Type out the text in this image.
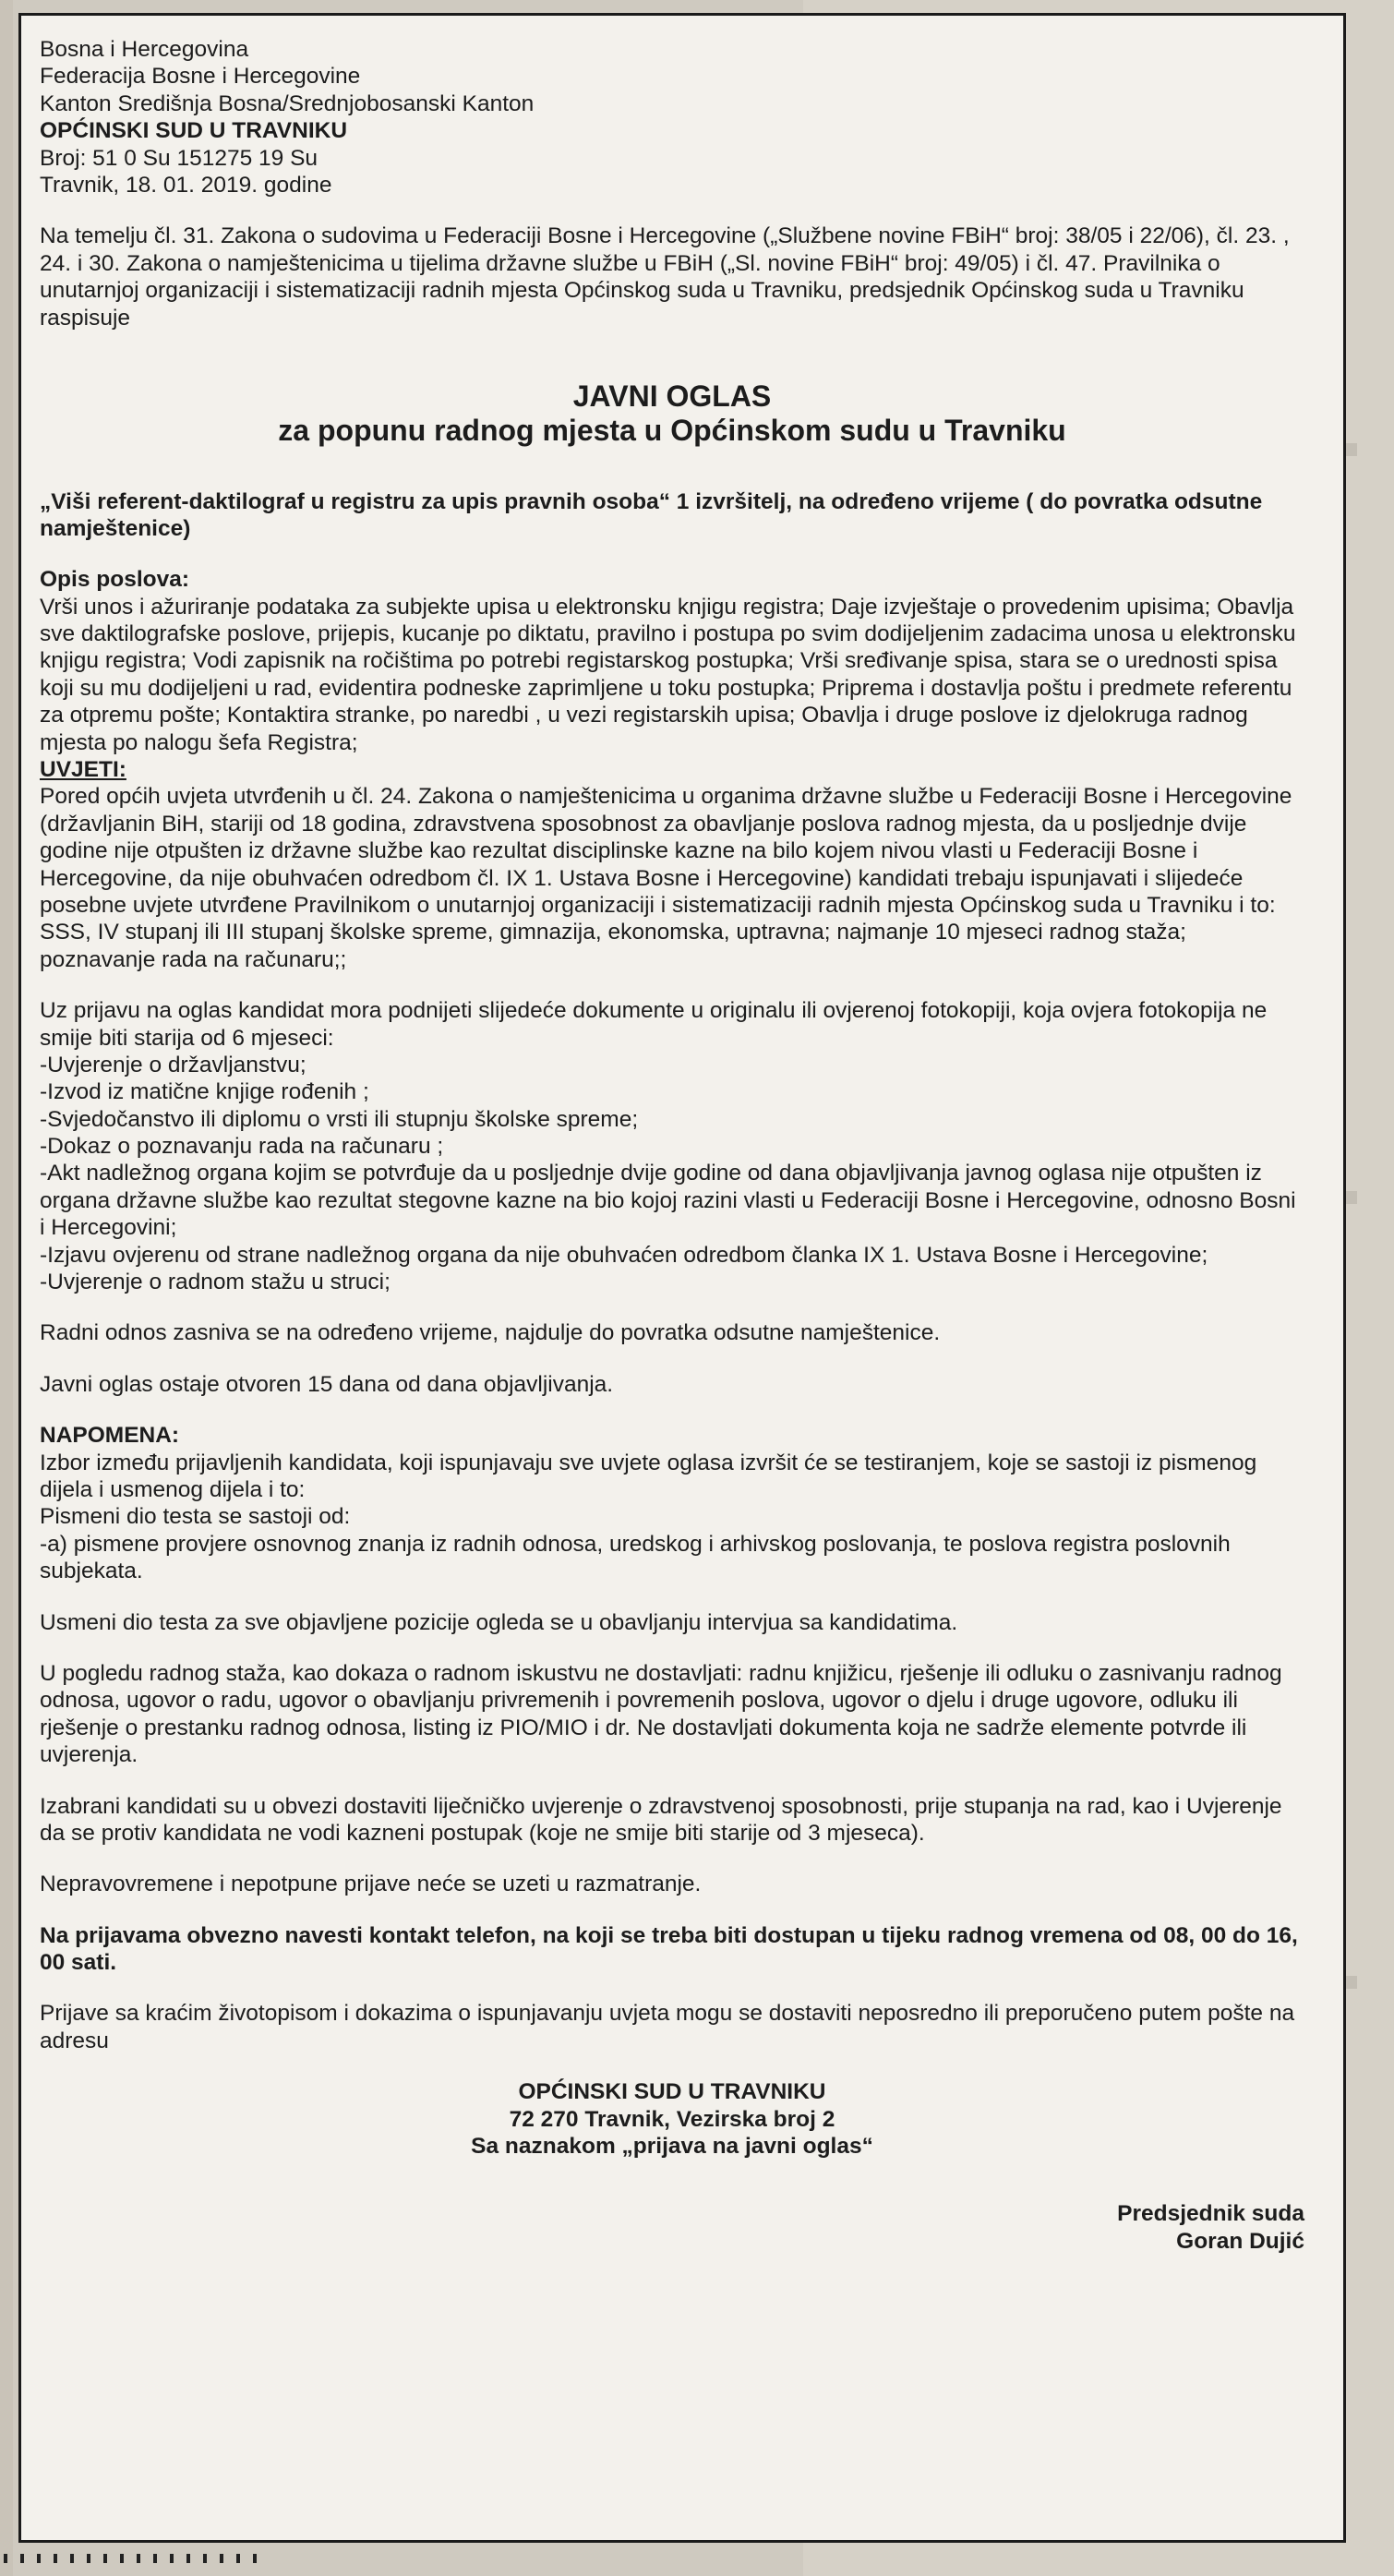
Bosna i Hercegovina
Federacija Bosne i Hercegovine
Kanton Središnja Bosna/Srednjobosanski Kanton
OPĆINSKI SUD U TRAVNIKU
Broj: 51 0 Su 151275 19 Su
Travnik, 18. 01. 2019. godine

Na temelju čl. 31. Zakona o sudovima u Federaciji Bosne i Hercegovine („Službene novine FBiH“ broj: 38/05 i 22/06), čl. 23. , 24. i 30. Zakona o namještenicima u tijelima državne službe u FBiH („Sl. novine FBiH“ broj: 49/05) i čl. 47. Pravilnika o unutarnjoj organizaciji i sistematizaciji radnih mjesta Općinskog suda u Travniku, predsjednik Općinskog suda u Travniku raspisuje

JAVNI OGLAS
za popunu radnog mjesta u Općinskom sudu u Travniku

„Viši referent-daktilograf u registru za upis pravnih osoba“ 1 izvršitelj, na određeno vrijeme ( do povratka odsutne namještenice)

Opis poslova:

Vrši unos i ažuriranje podataka za subjekte upisa u elektronsku knjigu registra; Daje izvještaje o provedenim upisima; Obavlja sve daktilografske poslove, prijepis, kucanje po diktatu, pravilno i postupa po svim dodijeljenim zadacima unosa u elektronsku knjigu registra; Vodi zapisnik na ročištima po potrebi registarskog postupka; Vrši sređivanje spisa, stara se o urednosti spisa koji su mu dodijeljeni u rad, evidentira podneske zaprimljene u toku postupka; Priprema i dostavlja poštu i predmete referentu za otpremu pošte; Kontaktira stranke, po naredbi , u vezi registarskih upisa; Obavlja i druge poslove iz djelokruga radnog mjesta po nalogu šefa Registra;

UVJETI:

Pored općih uvjeta utvrđenih u čl. 24. Zakona o namještenicima u organima državne službe u Federaciji Bosne i Hercegovine (državljanin BiH, stariji od 18 godina, zdravstvena sposobnost za obavljanje poslova radnog mjesta, da u posljednje dvije godine nije otpušten iz državne službe kao rezultat disciplinske kazne na bilo kojem nivou vlasti u Federaciji Bosne i Hercegovine, da nije obuhvaćen odredbom čl. IX 1. Ustava Bosne i Hercegovine) kandidati trebaju ispunjavati i slijedeće posebne uvjete utvrđene Pravilnikom o unutarnjoj organizaciji i sistematizaciji radnih mjesta Općinskog suda u Travniku i to: SSS, IV stupanj ili III stupanj školske spreme, gimnazija, ekonomska, uptravna; najmanje 10 mjeseci radnog staža; poznavanje rada na računaru;;

Uz prijavu na oglas kandidat mora podnijeti slijedeće dokumente u originalu ili ovjerenoj fotokopiji, koja ovjera fotokopija ne smije biti starija od 6 mjeseci:

-Uvjerenje o državljanstvu;
-Izvod iz matične knjige rođenih ;
-Svjedočanstvo ili diplomu o vrsti ili stupnju školske spreme;
-Dokaz o poznavanju rada na računaru ;
-Akt nadležnog organa kojim se potvrđuje da u posljednje dvije godine od dana objavljivanja javnog oglasa nije otpušten iz organa državne službe kao rezultat stegovne kazne na bio kojoj razini vlasti u Federaciji Bosne i Hercegovine, odnosno Bosni i Hercegovini;
-Izjavu ovjerenu od strane nadležnog organa da nije obuhvaćen odredbom članka IX 1. Ustava Bosne i Hercegovine;
-Uvjerenje o radnom stažu u struci;

Radni odnos zasniva se na određeno vrijeme, najdulje do povratka odsutne namještenice.

Javni oglas ostaje otvoren 15 dana od dana objavljivanja.

NAPOMENA:

Izbor između prijavljenih kandidata, koji ispunjavaju sve uvjete oglasa izvršit će se testiranjem, koje se sastoji iz pismenog dijela i usmenog dijela i to:

Pismeni dio testa se sastoji od:

-a) pismene provjere osnovnog znanja iz radnih odnosa, uredskog i arhivskog poslovanja, te poslova registra poslovnih subjekata.

Usmeni dio testa za sve objavljene pozicije ogleda se u obavljanju intervjua sa kandidatima.

U pogledu radnog staža, kao dokaza o radnom iskustvu ne dostavljati: radnu knjižicu, rješenje ili odluku o zasnivanju radnog odnosa, ugovor o radu, ugovor o obavljanju privremenih i povremenih poslova, ugovor o djelu i druge ugovore, odluku ili rješenje o prestanku radnog odnosa, listing iz PIO/MIO i dr. Ne dostavljati dokumenta koja ne sadrže elemente potvrde ili uvjerenja.

Izabrani kandidati su u obvezi dostaviti liječničko uvjerenje o zdravstvenoj sposobnosti, prije stupanja na rad, kao i Uvjerenje da se protiv kandidata ne vodi kazneni postupak (koje ne smije biti starije od 3 mjeseca).

Nepravovremene i nepotpune prijave neće se uzeti u razmatranje.

Na prijavama obvezno navesti kontakt telefon, na koji se treba biti dostupan u tijeku radnog vremena od 08, 00 do 16, 00 sati.

Prijave sa kraćim životopisom i dokazima o ispunjavanju uvjeta mogu se dostaviti neposredno ili preporučeno putem pošte na adresu

OPĆINSKI SUD U TRAVNIKU
72 270 Travnik, Vezirska broj 2
Sa naznakom „prijava na javni oglas“
Predsjednik suda
Goran Dujić
